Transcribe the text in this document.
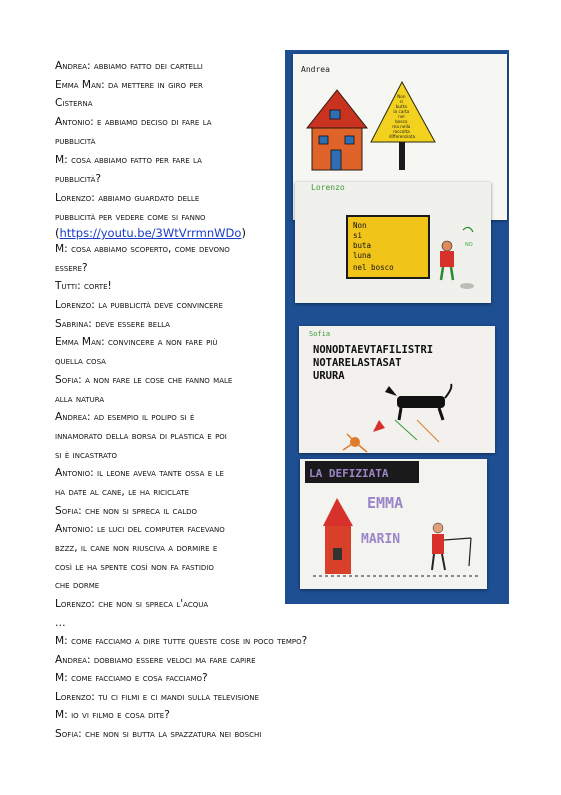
Andrea: abbiamo fatto dei cartelli
Emma Man: da mettere in giro per
Cisterna
Antonio: e abbiamo deciso di fare la
pubblicità
M: cosa abbiamo fatto per fare la
pubblicità?
Lorenzo: abbiamo guardato delle
pubblicità per vedere come si fanno
(https://youtu.be/3WtVrrmnWDo)
M: cosa abbiamo scoperto, come devono
essere?
Tutti: corte!
Lorenzo: la pubblicità deve convincere
Sabrina: deve essere bella
Emma Man: convincere a non fare più
quella cosa
Sofia: a non fare le cose che fanno male
alla natura
Andrea: ad esempio il polipo si è
innamorato della borsa di plastica e poi
si è incastrato
Antonio: il leone aveva tante ossa e le
ha date al cane, le ha riciclate
Sofia: che non si spreca il caldo
Antonio: le luci del computer facevano
bzzz, il cane non riusciva a dormire e
così le ha spente così non fa fastidio
che dorme
Lorenzo: che non si spreca l'acqua
…
M: come facciamo a dire tutte queste cose in poco tempo?
Andrea: dobbiamo essere veloci ma fare capire
M: come facciamo e cosa facciamo?
Lorenzo: tu ci filmi e ci mandi sulla televisione
M: io vi filmo e cosa dite?
Sofia: che non si butta la spazzatura nei boschi
Andrea
Non si butta la carta nel bosco ma nella raccolta differenziata
Lorenzo
Non si buta luna nel bosco
NO
Sofia
NONODTAEVTAFILISTRI NOTARELASTASAT URURA
LA DEFIZIATA
EMMA
MARIN
